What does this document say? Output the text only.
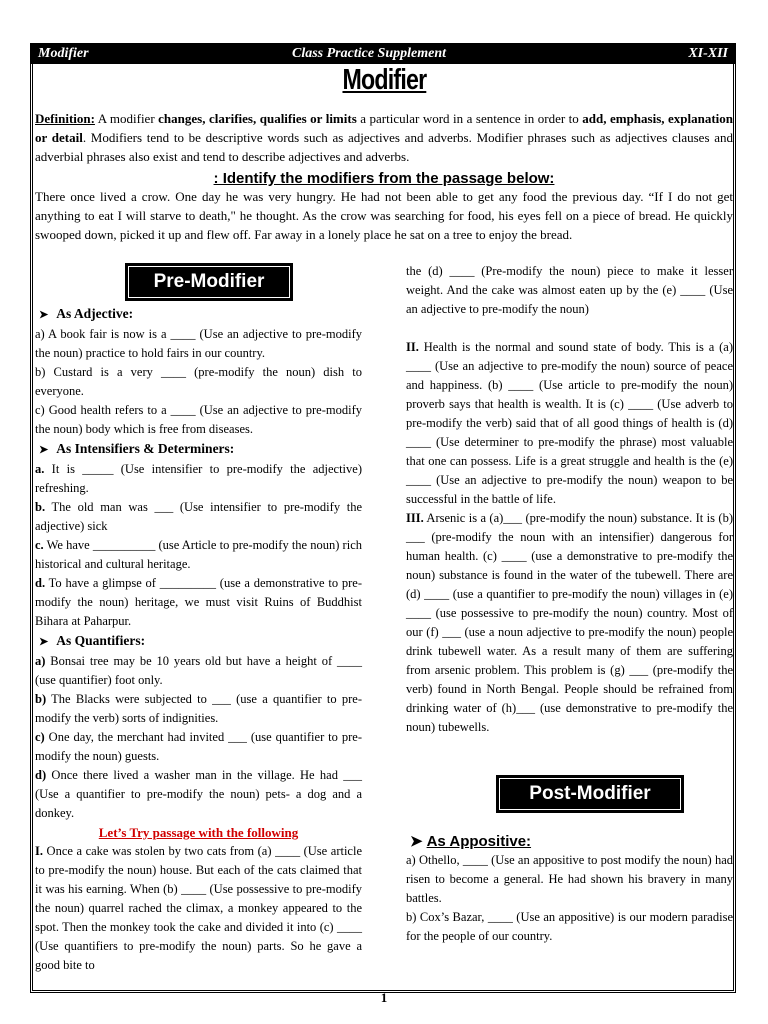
Modifier	Class Practice Supplement	XI-XII
Modifier
Definition: A modifier changes, clarifies, qualifies or limits a particular word in a sentence in order to add, emphasis, explanation or detail. Modifiers tend to be descriptive words such as adjectives and adverbs. Modifier phrases such as adjectives clauses and adverbial phrases also exist and tend to describe adjectives and adverbs.
: Identify the modifiers from the passage below:
There once lived a crow. One day he was very hungry. He had not been able to get any food the previous day. “If I do not get anything to eat I will starve to death," he thought. As the crow was searching for food, his eyes fell on a piece of bread. He quickly swooped down, picked it up and flew off. Far away in a lonely place he sat on a tree to enjoy the bread.
Pre-Modifier

➤ As Adjective:

a) A book fair is now is a ____ (Use an adjective to pre-modify the noun) practice to hold fairs in our country.

b) Custard is a very ____ (pre-modify the noun) dish to everyone.

c) Good health refers to a ____ (Use an adjective to pre-modify the noun) body which is free from diseases.

➤ As Intensifiers & Determiners:

a. It is _____ (Use intensifier to pre-modify the adjective) refreshing.

b. The old man was ___ (Use intensifier to pre-modify the adjective) sick

c. We have __________ (use Article to pre-modify the noun) rich historical and cultural heritage.

d. To have a glimpse of _________ (use a demonstrative to pre-modify the noun) heritage, we must visit Ruins of Buddhist Bihara at Paharpur.

➤ As Quantifiers:

a) Bonsai tree may be 10 years old but have a height of ____ (use quantifier) foot only.

b) The Blacks were subjected to ___ (use a quantifier to pre-modify the verb) sorts of indignities.

c) One day, the merchant had invited ___ (use quantifier to pre-modify the noun) guests.

d) Once there lived a washer man in the village. He had ___ (Use a quantifier to pre-modify the noun) pets- a dog and a donkey.

Let’s Try passage with the following

I. Once a cake was stolen by two cats from (a) ____ (Use article to pre-modify the noun) house. But each of the cats claimed that it was his earning. When (b) ____ (Use possessive to pre-modify the noun) quarrel rached the climax, a monkey appeared to the spot. Then the monkey took the cake and divided it into (c) ____ (Use quantifiers to pre-modify the noun) parts. So he gave a good bite to

the (d) ____ (Pre-modify the noun) piece to make it lesser weight. And the cake was almost eaten up by the (e) ____ (Use an adjective to pre-modify the noun)

II. Health is the normal and sound state of body. This is a (a) ____ (Use an adjective to pre-modify the noun) source of peace and happiness. (b) ____ (Use article to pre-modify the noun) proverb says that health is wealth. It is (c) ____ (Use adverb to pre-modify the verb) said that of all good things of health is (d) ____ (Use determiner to pre-modify the phrase) most valuable that one can possess. Life is a great struggle and health is the (e) ____ (Use an adjective to pre-modify the noun) weapon to be successful in the battle of life.

III. Arsenic is a (a)___ (pre-modify the noun) substance. It is (b) ___ (pre-modify the noun with an intensifier) dangerous for human health. (c) ____ (use a demonstrative to pre-modify the noun) substance is found in the water of the tubewell. There are (d) ____ (use a quantifier to pre-modify the noun) villages in (e) ____ (use possessive to pre-modify the noun) country. Most of our (f) ___ (use a noun adjective to pre-modify the noun) people drink tubewell water. As a result many of them are suffering from arsenic problem. This problem is (g) ___ (pre-modify the verb) found in North Bengal. People should be refrained from drinking water of (h)___ (use demonstrative to pre-modify the noun) tubewells.

Post-Modifier

➤ As Appositive:

a) Othello, ____ (Use an appositive to post modify the noun) had risen to become a general. He had shown his bravery in many battles.

b) Cox’s Bazar, ____ (Use an appositive) is our modern paradise for the people of our country.

1
